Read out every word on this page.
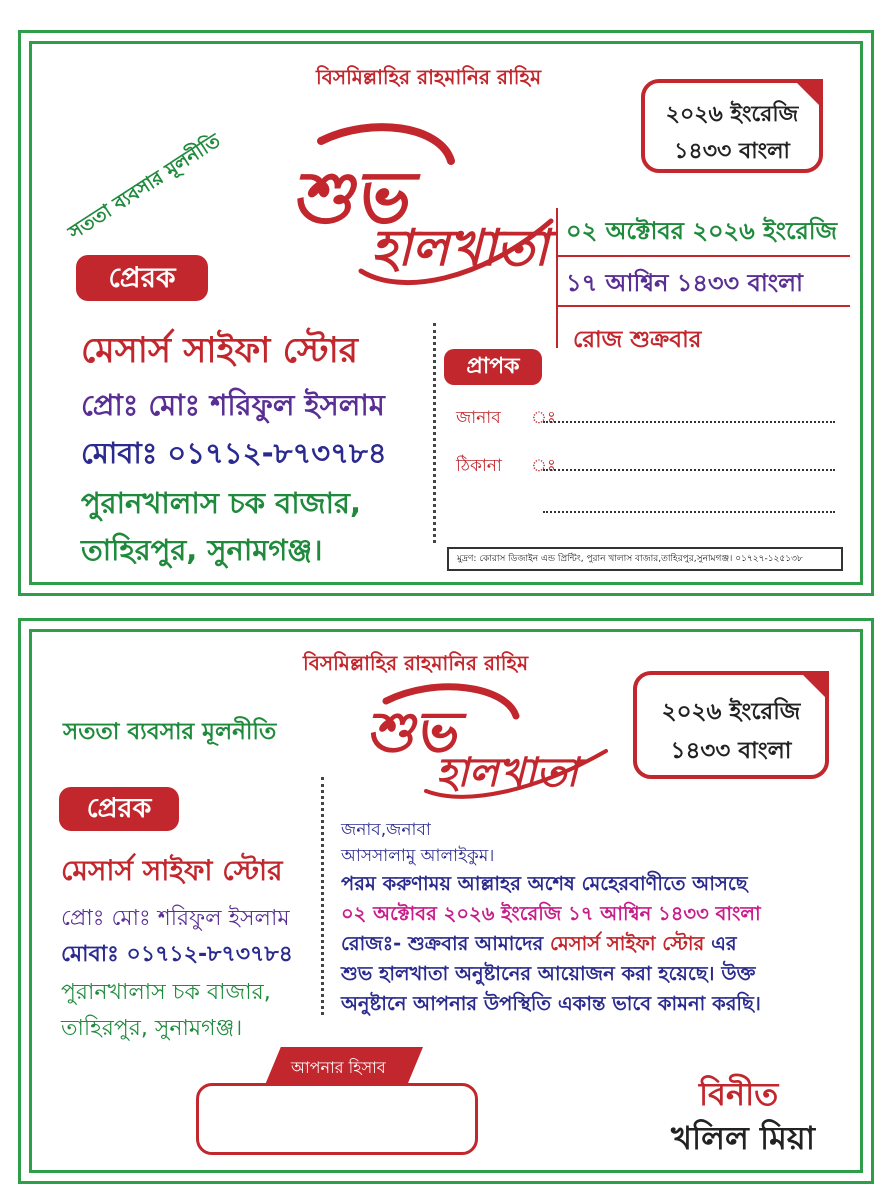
বিসমিল্লাহির রাহমানির রাহিম
সততা ব্যবসার মূলনীতি শুভ
হালখাতা
২০২৬ ইংরেজি
১৪৩৩ বাংলা
০২ অক্টোবর ২০২৬ ইংরেজি
১৭ আশ্বিন ১৪৩৩ বাংলা
রোজ শুক্রবার
প্রেরক
মেসার্স সাইফা স্টোর
প্রোঃ মোঃ শরিফুল ইসলাম
মোবাঃ ০১৭১২-৮৭৩৭৮৪
পুরানখালাস চক বাজার,
তাহিরপুর, সুনামগঞ্জ।
প্রাপক
জানাব ঃ
ঠিকানা ঃ
মুদ্রণ: কোরাস ডিজাইন এন্ড প্রিন্টিং, পুরান খালাস বাজার,তাহিরপুর,সুনামগঞ্জ। ০১৭২৭-১২৫১৩৮
বিসমিল্লাহির রাহমানির রাহিম
সততা ব্যবসার মূলনীতি শুভ
হালখাতা
২০২৬ ইংরেজি
১৪৩৩ বাংলা
প্রেরক
মেসার্স সাইফা স্টোর
প্রোঃ মোঃ শরিফুল ইসলাম
মোবাঃ ০১৭১২-৮৭৩৭৮৪
পুরানখালাস চক বাজার,
তাহিরপুর, সুনামগঞ্জ।
আপনার হিসাব
জনাব,জনাবা
আসসালামু আলাইকুম।
পরম করুণাময় আল্লাহর অশেষ মেহেরবাণীতে আসছে
০২ অক্টোবর ২০২৬ ইংরেজি ১৭ আশ্বিন ১৪৩৩ বাংলা
রোজঃ- শুক্রবার আমাদের মেসার্স সাইফা স্টোর এর
শুভ হালখাতা অনুষ্টানের আয়োজন করা হয়েছে। উক্ত
অনুষ্টানে আপনার উপস্থিতি একান্ত ভাবে কামনা করছি।
বিনীত
খলিল মিয়া
